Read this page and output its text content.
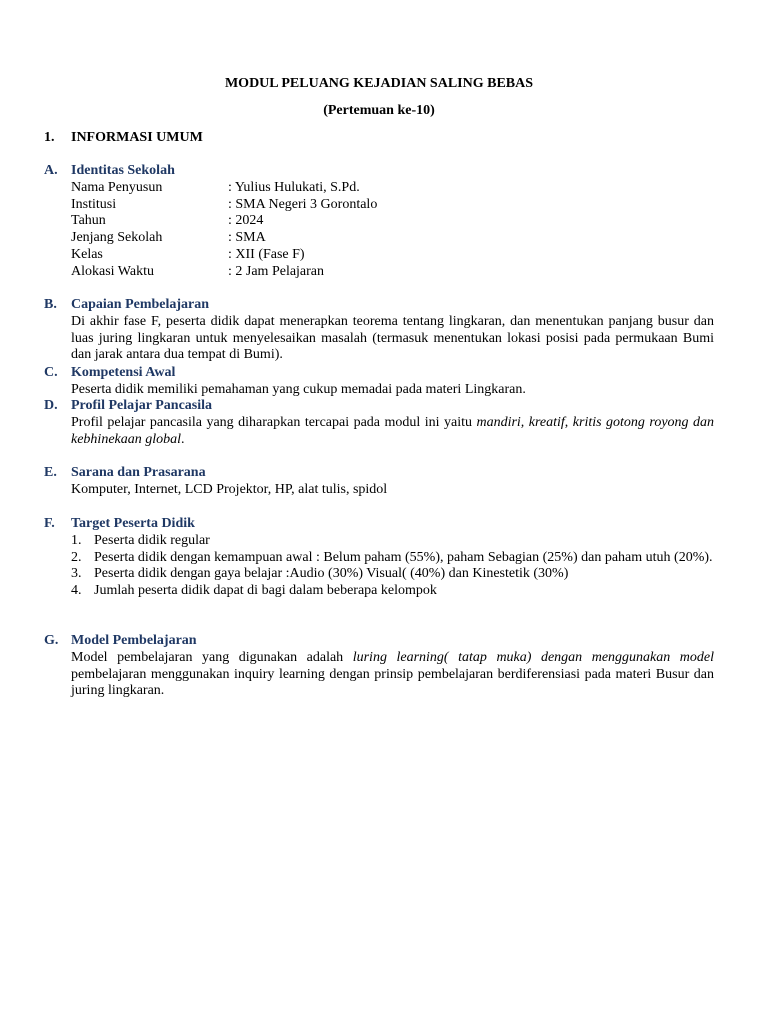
MODUL PELUANG KEJADIAN SALING BEBAS
(Pertemuan ke-10)
1. INFORMASI UMUM
A. Identitas Sekolah
Nama Penyusun	: Yulius Hulukati, S.Pd.
Institusi	: SMA Negeri 3 Gorontalo
Tahun	: 2024
Jenjang Sekolah	: SMA
Kelas	: XII (Fase F)
Alokasi Waktu	: 2 Jam Pelajaran
B. Capaian Pembelajaran
Di akhir fase F, peserta didik dapat menerapkan teorema tentang lingkaran, dan menentukan panjang busur dan luas juring lingkaran untuk menyelesaikan masalah (termasuk menentukan lokasi posisi pada permukaan Bumi dan jarak antara dua tempat di Bumi).
C. Kompetensi Awal
Peserta didik memiliki pemahaman yang cukup memadai pada materi Lingkaran.
D. Profil Pelajar Pancasila
Profil pelajar pancasila yang diharapkan tercapai pada modul ini yaitu mandiri, kreatif, kritis gotong royong dan kebhinekaan global.
E. Sarana dan Prasarana
Komputer, Internet, LCD Projektor, HP, alat tulis, spidol
F. Target Peserta Didik
1. Peserta didik regular
2. Peserta didik dengan kemampuan awal : Belum paham (55%), paham Sebagian (25%) dan paham utuh (20%).
3. Peserta didik dengan gaya belajar :Audio (30%) Visual( (40%) dan Kinestetik (30%)
4. Jumlah peserta didik dapat di bagi dalam beberapa kelompok
G. Model Pembelajaran
Model pembelajaran yang digunakan adalah luring learning( tatap muka) dengan menggunakan model pembelajaran menggunakan inquiry learning dengan prinsip pembelajaran berdiferensiasi pada materi Busur dan juring lingkaran.
